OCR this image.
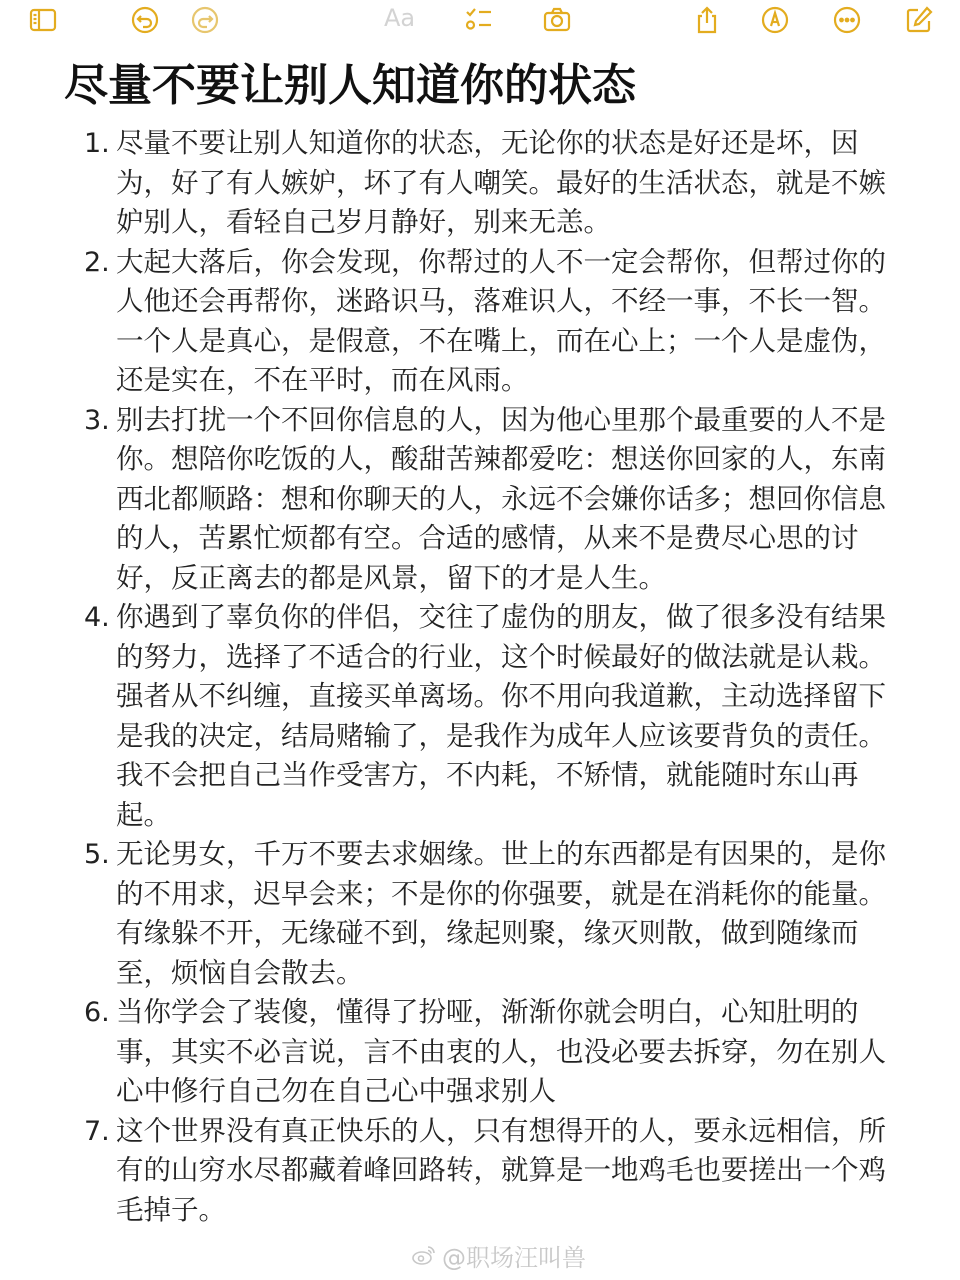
Aa
尽量不要让别人知道你的状态
1. 尽量不要让别人知道你的状态，无论你的状态是好还是坏，因为，好了有人嫉妒，坏了有人嘲笑。最好的生活状态，就是不嫉妒别人，看轻自己岁月静好，别来无恙。

2. 大起大落后，你会发现，你帮过的人不一定会帮你，但帮过你的人他还会再帮你，迷路识马，落难识人，不经一事，不长一智。一个人是真心，是假意，不在嘴上，而在心上；一个人是虚伪，还是实在，不在平时，而在风雨。

3. 别去打扰一个不回你信息的人，因为他心里那个最重要的人不是你。想陪你吃饭的人，酸甜苦辣都爱吃：想送你回家的人，东南西北都顺路：想和你聊天的人，永远不会嫌你话多；想回你信息的人，苦累忙烦都有空。合适的感情，从来不是费尽心思的讨好，反正离去的都是风景，留下的才是人生。

4. 你遇到了辜负你的伴侣，交往了虚伪的朋友，做了很多没有结果的努力，选择了不适合的行业，这个时候最好的做法就是认栽。强者从不纠缠，直接买单离场。你不用向我道歉，主动选择留下是我的决定，结局赌输了，是我作为成年人应该要背负的责任。我不会把自己当作受害方，不内耗，不矫情，就能随时东山再起。

5. 无论男女，千万不要去求姻缘。世上的东西都是有因果的，是你的不用求，迟早会来；不是你的你强要，就是在消耗你的能量。有缘躲不开，无缘碰不到，缘起则聚，缘灭则散，做到随缘而至，烦恼自会散去。

6. 当你学会了装傻，懂得了扮哑，渐渐你就会明白，心知肚明的事，其实不必言说，言不由衷的人，也没必要去拆穿，勿在别人心中修行自己勿在自己心中强求别人

7. 这个世界没有真正快乐的人，只有想得开的人，要永远相信，所有的山穷水尽都藏着峰回路转，就算是一地鸡毛也要搓出一个鸡毛掉子。

@职场汪叫兽
